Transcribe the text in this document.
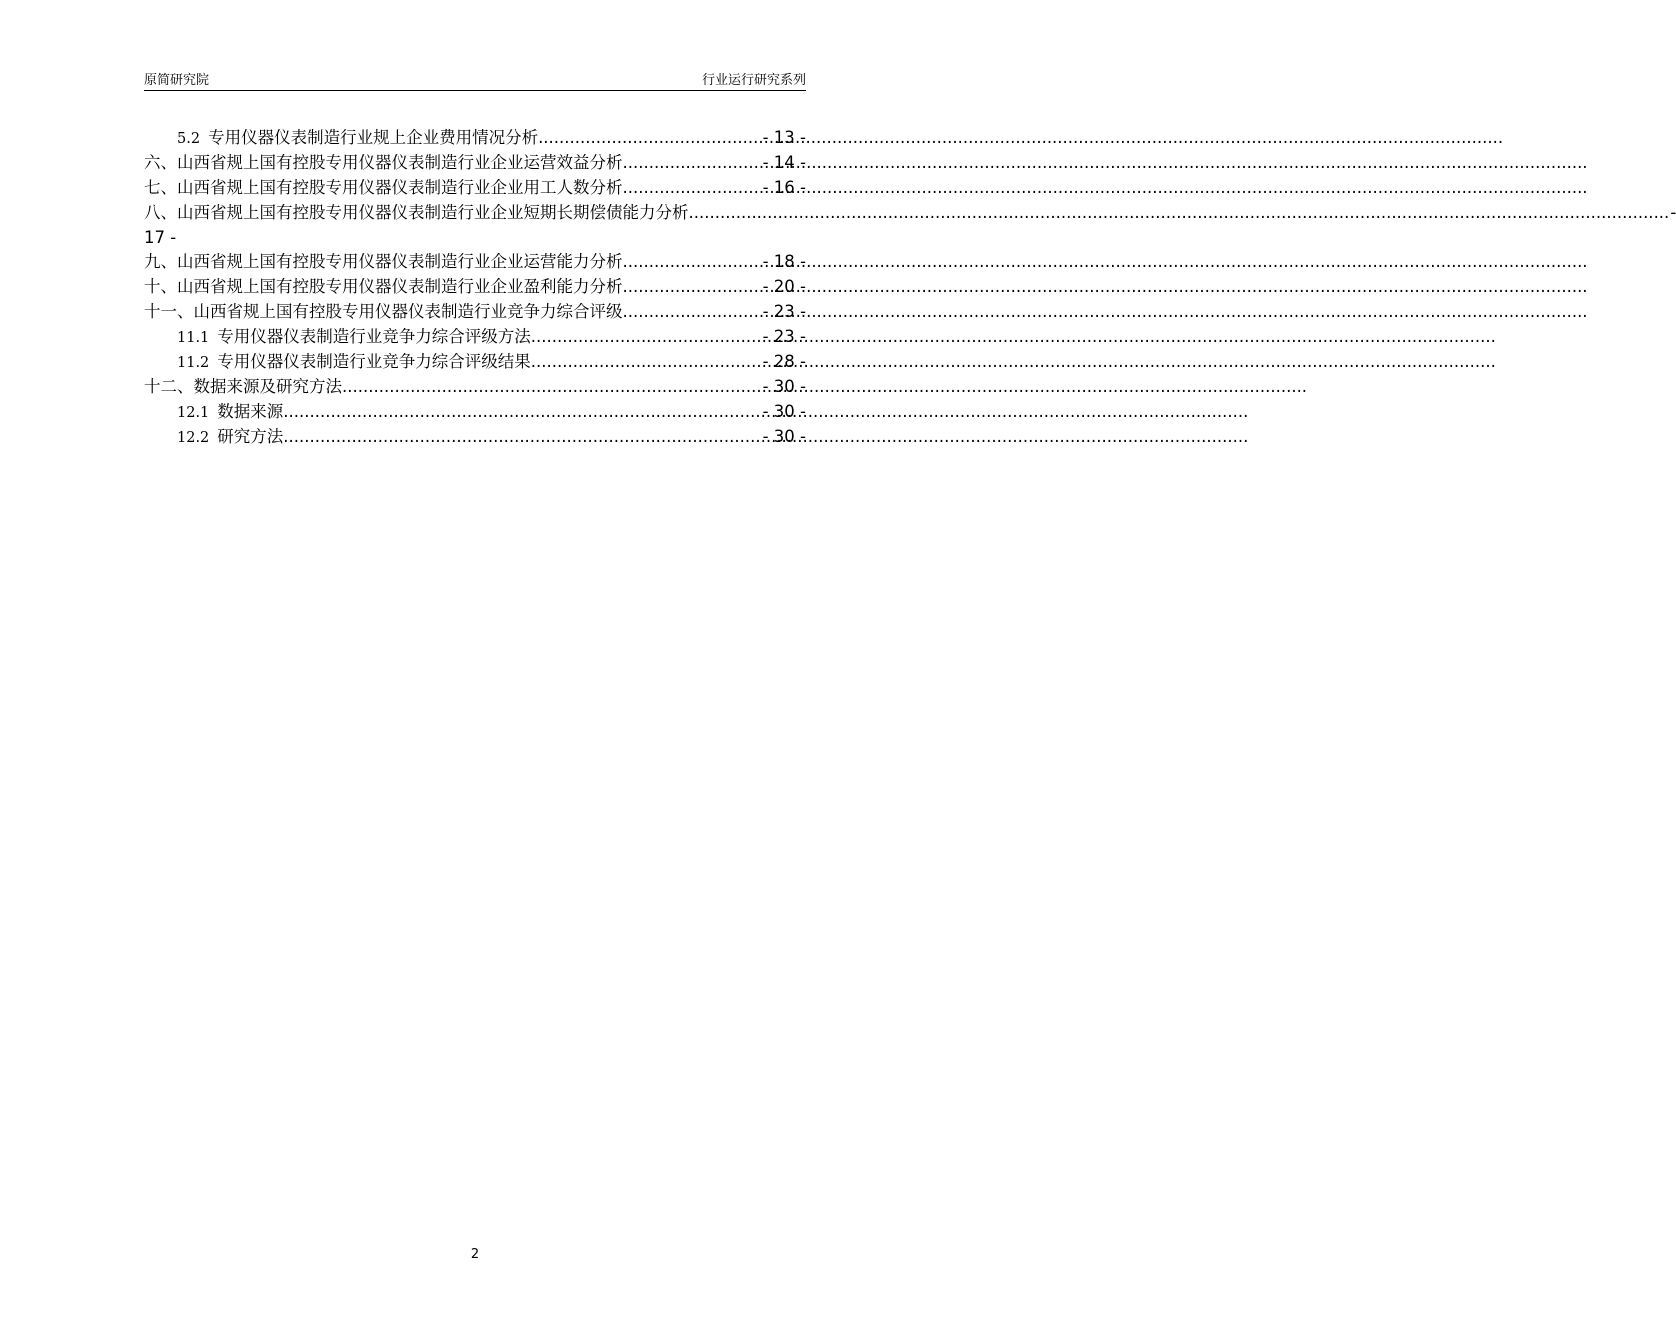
原简研究院	行业运行研究系列
5.2 专用仪器仪表制造行业规上企业费用情况分析 .....	- 13 -
六、山西省规上国有控股专用仪器仪表制造行业企业运营效益分析 .....	- 14 -
七、山西省规上国有控股专用仪器仪表制造行业企业用工人数分析 .....	- 16 -
八、山西省规上国有控股专用仪器仪表制造行业企业短期长期偿债能力分析	..... ... -
17 -
九、山西省规上国有控股专用仪器仪表制造行业企业运营能力分析 .....	- 18 -
十、山西省规上国有控股专用仪器仪表制造行业企业盈利能力分析 .....	- 20 -
十一、山西省规上国有控股专用仪器仪表制造行业竞争力综合评级 .....	- 23 -
11.1 专用仪器仪表制造行业竞争力综合评级方法 .....	- 23 -
11.2 专用仪器仪表制造行业竞争力综合评级结果 .....	- 28 -
十二、数据来源及研究方法 .....	- 30 -
12.1 数据来源 .....	- 30 -
12.2 研究方法 .....	- 30 -
2
